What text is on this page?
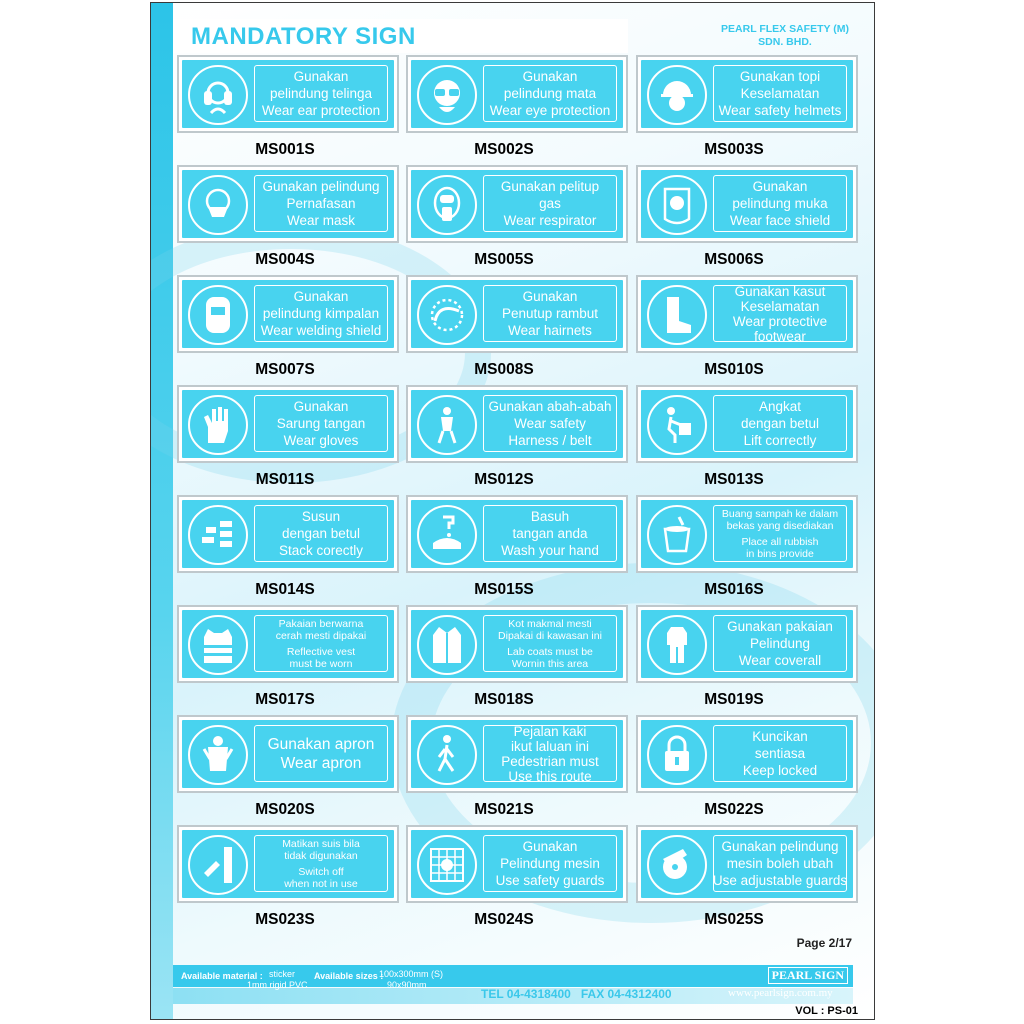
MANDATORY SIGN	PEARL FLEX SAFETY (M)
SDN. BHD.
Gunakan
pelindung telinga
Wear ear protection
MS001S
Gunakan
pelindung mata
Wear eye protection
MS002S
Gunakan topi
Keselamatan
Wear safety helmets
MS003S
Gunakan pelindung
Pernafasan
Wear mask
MS004S
Gunakan pelitup
gas
Wear respirator
MS005S
Gunakan
pelindung muka
Wear face shield
MS006S
Gunakan
pelindung kimpalan
Wear welding shield
MS007S
Gunakan
Penutup rambut
Wear hairnets
MS008S
Gunakan kasut
Keselamatan
Wear protective
footwear
MS010S
Gunakan
Sarung tangan
Wear gloves
MS011S
Gunakan abah-abah
Wear safety
Harness / belt
MS012S
Angkat
dengan betul
Lift correctly
MS013S
Susun
dengan betul
Stack corectly
MS014S
Basuh
tangan anda
Wash your hand
MS015S
Buang sampah ke dalam
bekas yang disediakan
Place all rubbish
in bins provide
MS016S
Pakaian berwarna
cerah mesti dipakai
Reflective vest
must be worn
MS017S
Kot makmal mesti
Dipakai di kawasan ini
Lab coats must be
Wornin this area
MS018S
Gunakan pakaian
Pelindung
Wear coverall
MS019S
Gunakan apron
Wear apron
MS020S
Pejalan kaki
ikut laluan ini
Pedestrian must
Use this route
MS021S
Kuncikan
sentiasa
Keep locked
MS022S
Matikan suis bila
tidak digunakan
Switch off
when not in use
MS023S
Gunakan
Pelindung mesin
Use safety guards
MS024S
Gunakan pelindung
mesin boleh ubah
Use adjustable guards
MS025S
Page 2/17
Available material : sticker
1mm rigid PVC
Available sizes :
100x300mm (S)
90x90mm
PEARL SIGN
TEL 04-4318400 FAX 04-4312400	www.pearlsign.com.my
VOL : PS-01
